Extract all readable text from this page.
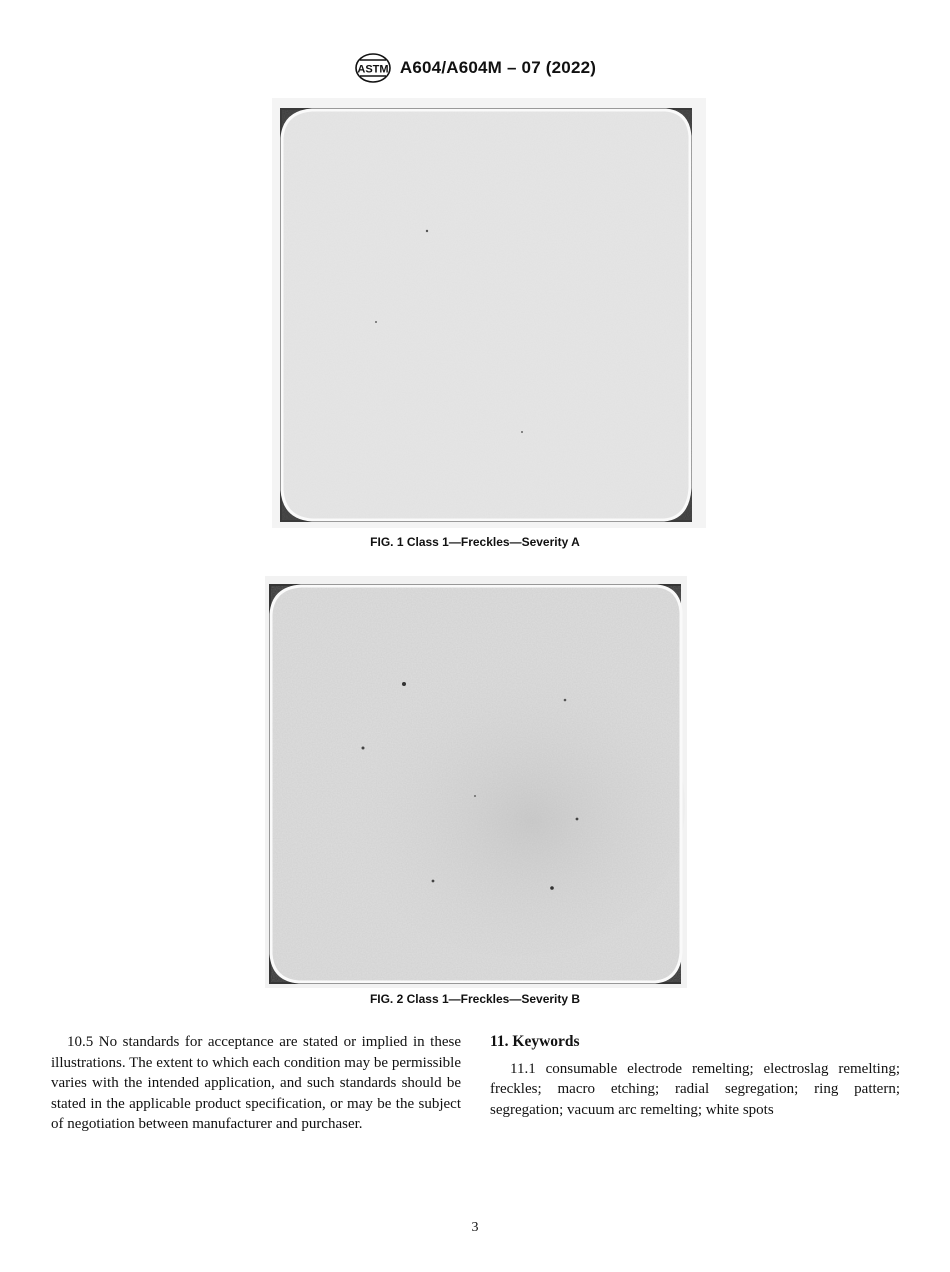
ASTM A604/A604M – 07 (2022)
FIG. 1 Class 1—Freckles—Severity A
FIG. 2 Class 1—Freckles—Severity B
10.5 No standards for acceptance are stated or implied in these illustrations. The extent to which each condition may be permissible varies with the intended application, and such standards should be stated in the applicable product specification, or may be the subject of negotiation between manufacturer and purchaser.
11. Keywords

11.1 consumable electrode remelting; electroslag remelting; freckles; macro etching; radial segregation; ring pattern; segregation; vacuum arc remelting; white spots

3
